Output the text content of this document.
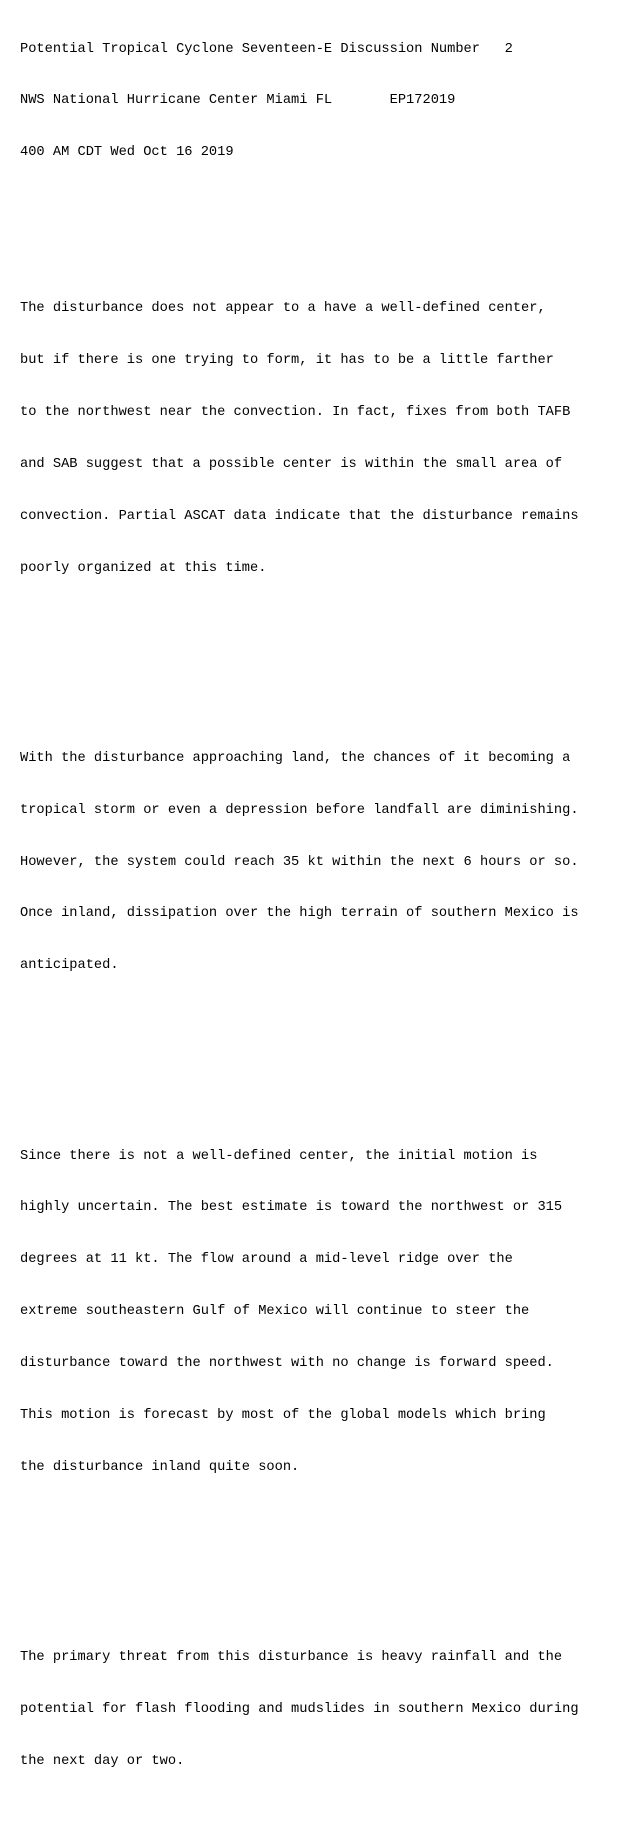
Potential Tropical Cyclone Seventeen-E Discussion Number   2

NWS National Hurricane Center Miami FL       EP172019

400 AM CDT Wed Oct 16 2019

The disturbance does not appear to a have a well-defined center,

but if there is one trying to form, it has to be a little farther

to the northwest near the convection. In fact, fixes from both TAFB

and SAB suggest that a possible center is within the small area of

convection. Partial ASCAT data indicate that the disturbance remains

poorly organized at this time.

With the disturbance approaching land, the chances of it becoming a

tropical storm or even a depression before landfall are diminishing.

However, the system could reach 35 kt within the next 6 hours or so.

Once inland, dissipation over the high terrain of southern Mexico is

anticipated.

Since there is not a well-defined center, the initial motion is

highly uncertain. The best estimate is toward the northwest or 315

degrees at 11 kt. The flow around a mid-level ridge over the

extreme southeastern Gulf of Mexico will continue to steer the

disturbance toward the northwest with no change is forward speed.

This motion is forecast by most of the global models which bring

the disturbance inland quite soon.

The primary threat from this disturbance is heavy rainfall and the

potential for flash flooding and mudslides in southern Mexico during

the next day or two.
